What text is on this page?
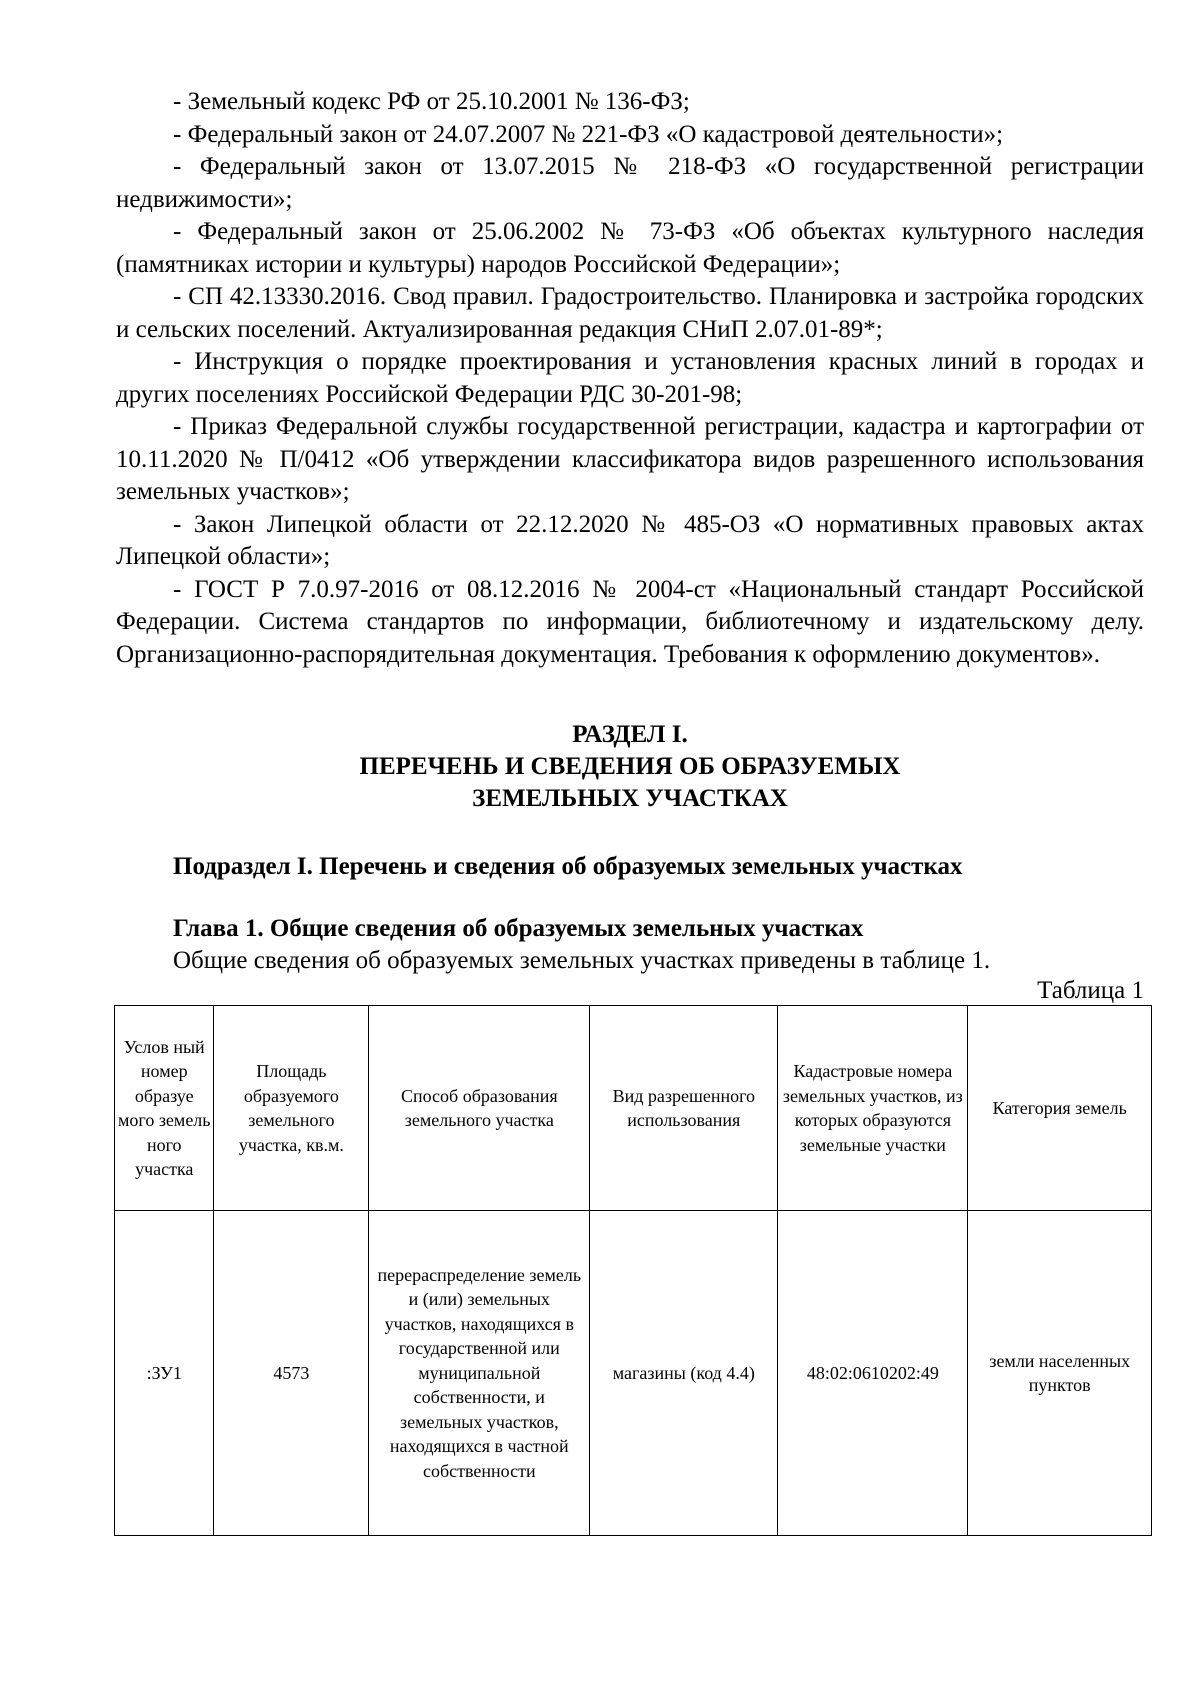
- Земельный кодекс РФ от 25.10.2001 № 136-ФЗ;

- Федеральный закон от 24.07.2007 № 221-ФЗ «О кадастровой деятельности»;

- Федеральный закон от 13.07.2015 № 218-ФЗ «О государственной регистрации недвижимости»;

- Федеральный закон от 25.06.2002 № 73-ФЗ «Об объектах культурного наследия (памятниках истории и культуры) народов Российской Федерации»;

- СП 42.13330.2016. Свод правил. Градостроительство. Планировка и застройка городских и сельских поселений. Актуализированная редакция СНиП 2.07.01-89*;

- Инструкция о порядке проектирования и установления красных линий в городах и других поселениях Российской Федерации РДС 30-201-98;

- Приказ Федеральной службы государственной регистрации, кадастра и картографии от 10.11.2020 № П/0412 «Об утверждении классификатора видов разрешенного использования земельных участков»;

- Закон Липецкой области от 22.12.2020 № 485-ОЗ «О нормативных правовых актах Липецкой области»;

- ГОСТ Р 7.0.97-2016 от 08.12.2016 № 2004-ст «Национальный стандарт Российской Федерации. Система стандартов по информации, библиотечному и издательскому делу. Организационно-распорядительная документация. Требования к оформлению документов».

РАЗДЕЛ I.
ПЕРЕЧЕНЬ И СВЕДЕНИЯ ОБ ОБРАЗУЕМЫХ
ЗЕМЕЛЬНЫХ УЧАСТКАХ
Подраздел I. Перечень и сведения об образуемых земельных участках
Глава 1. Общие сведения об образуемых земельных участках
Общие сведения об образуемых земельных участках приведены в таблице 1.
Таблица 1
Услов ный номер образуе мого земель ного участка	Площадь образуемого земельного участка, кв.м.	Способ образования земельного участка	Вид разрешенного использования	Кадастровые номера земельных участков, из которых образуются земельные участки	Категория земель
:ЗУ1	4573	перераспределение земель и (или) земельных участков, находящихся в государственной или муниципальной собственности, и земельных участков, находящихся в частной собственности	магазины (код 4.4)	48:02:0610202:49	земли населенных пунктов
